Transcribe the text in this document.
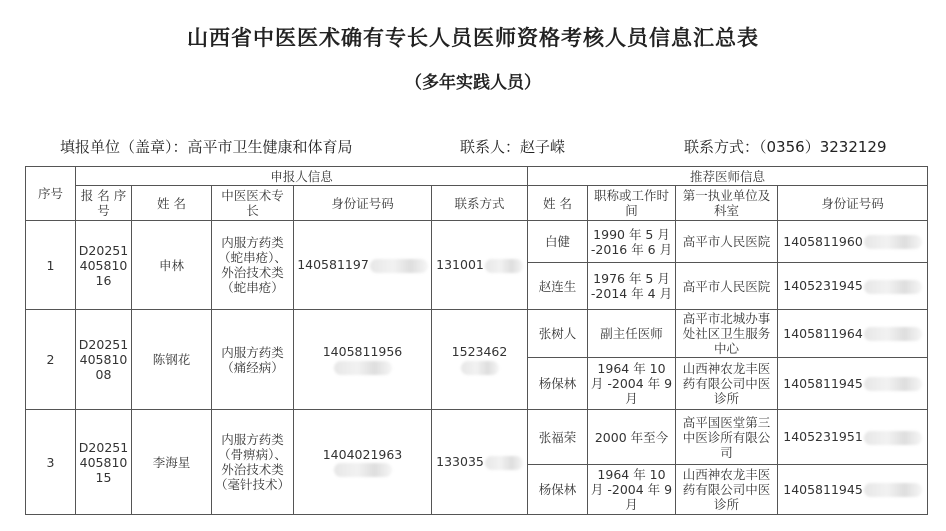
山西省中医医术确有专长人员医师资格考核人员信息汇总表
（多年实践人员）
填报单位（盖章）：高平市卫生健康和体育局	联系人：赵子嵘	联系方式：（0356）3232129
序号	申报人信息					推荐医师信息			
	报 名 序 号	姓 名	中医医术专 长	身份证号码	联系方式	姓 名	职称或工作时间	第一执业单位及科室	身份证号码
1	D2025140581016	申林	内服方药类（蛇串疮）、外治技术类（蛇串疮）	140581197	131001	白健	1990 年 5 月 -2016 年 6 月	高平市人民医院	1405811960
						赵连生	1976 年 5 月 -2014 年 4 月	高平市人民医院	1405231945
2	D2025140581008	陈钢花	内服方药类（痛经病）	1405811956	1523462	张树人	副主任医师	高平市北城办事处社区卫生服务中心	1405811964
						杨保林	1964 年 10 月 -2004 年 9 月	山西神农龙丰医药有限公司中医诊所	1405811945
3	D2025140581015	李海星	内服方药类（骨痹病）、外治技术类（毫针技术）	1404021963	133035	张福荣	2000 年至今	高平国医堂第三中医诊所有限公司	1405231951
						杨保林	1964 年 10 月 -2004 年 9 月	山西神农龙丰医药有限公司中医诊所	1405811945
